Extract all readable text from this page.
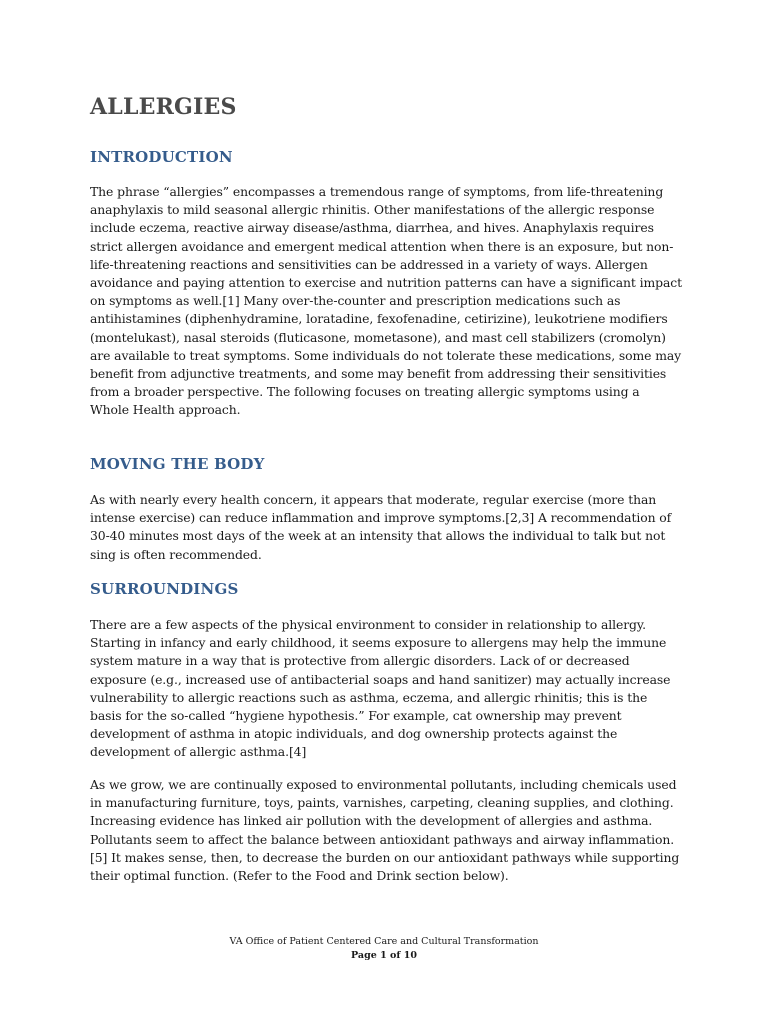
ALLERGIES
INTRODUCTION

The phrase “allergies” encompasses a tremendous range of symptoms, from life-threatening anaphylaxis to mild seasonal allergic rhinitis. Other manifestations of the allergic response include eczema, reactive airway disease/asthma, diarrhea, and hives. Anaphylaxis requires strict allergen avoidance and emergent medical attention when there is an exposure, but non-life-threatening reactions and sensitivities can be addressed in a variety of ways. Allergen avoidance and paying attention to exercise and nutrition patterns can have a significant impact on symptoms as well.[1] Many over-the-counter and prescription medications such as antihistamines (diphenhydramine, loratadine, fexofenadine, cetirizine), leukotriene modifiers (montelukast), nasal steroids (fluticasone, mometasone), and mast cell stabilizers (cromolyn) are available to treat symptoms. Some individuals do not tolerate these medications, some may benefit from adjunctive treatments, and some may benefit from addressing their sensitivities from a broader perspective. The following focuses on treating allergic symptoms using a Whole Health approach.

MOVING THE BODY

As with nearly every health concern, it appears that moderate, regular exercise (more than intense exercise) can reduce inflammation and improve symptoms.[2,3] A recommendation of 30-40 minutes most days of the week at an intensity that allows the individual to talk but not sing is often recommended.

SURROUNDINGS

There are a few aspects of the physical environment to consider in relationship to allergy. Starting in infancy and early childhood, it seems exposure to allergens may help the immune system mature in a way that is protective from allergic disorders. Lack of or decreased exposure (e.g., increased use of antibacterial soaps and hand sanitizer) may actually increase vulnerability to allergic reactions such as asthma, eczema, and allergic rhinitis; this is the basis for the so-called “hygiene hypothesis.” For example, cat ownership may prevent development of asthma in atopic individuals, and dog ownership protects against the development of allergic asthma.[4]

As we grow, we are continually exposed to environmental pollutants, including chemicals used in manufacturing furniture, toys, paints, varnishes, carpeting, cleaning supplies, and clothing. Increasing evidence has linked air pollution with the development of allergies and asthma. Pollutants seem to affect the balance between antioxidant pathways and airway inflammation.[5] It makes sense, then, to decrease the burden on our antioxidant pathways while supporting their optimal function. (Refer to the Food and Drink section below).

VA Office of Patient Centered Care and Cultural Transformation
Page 1 of 10
